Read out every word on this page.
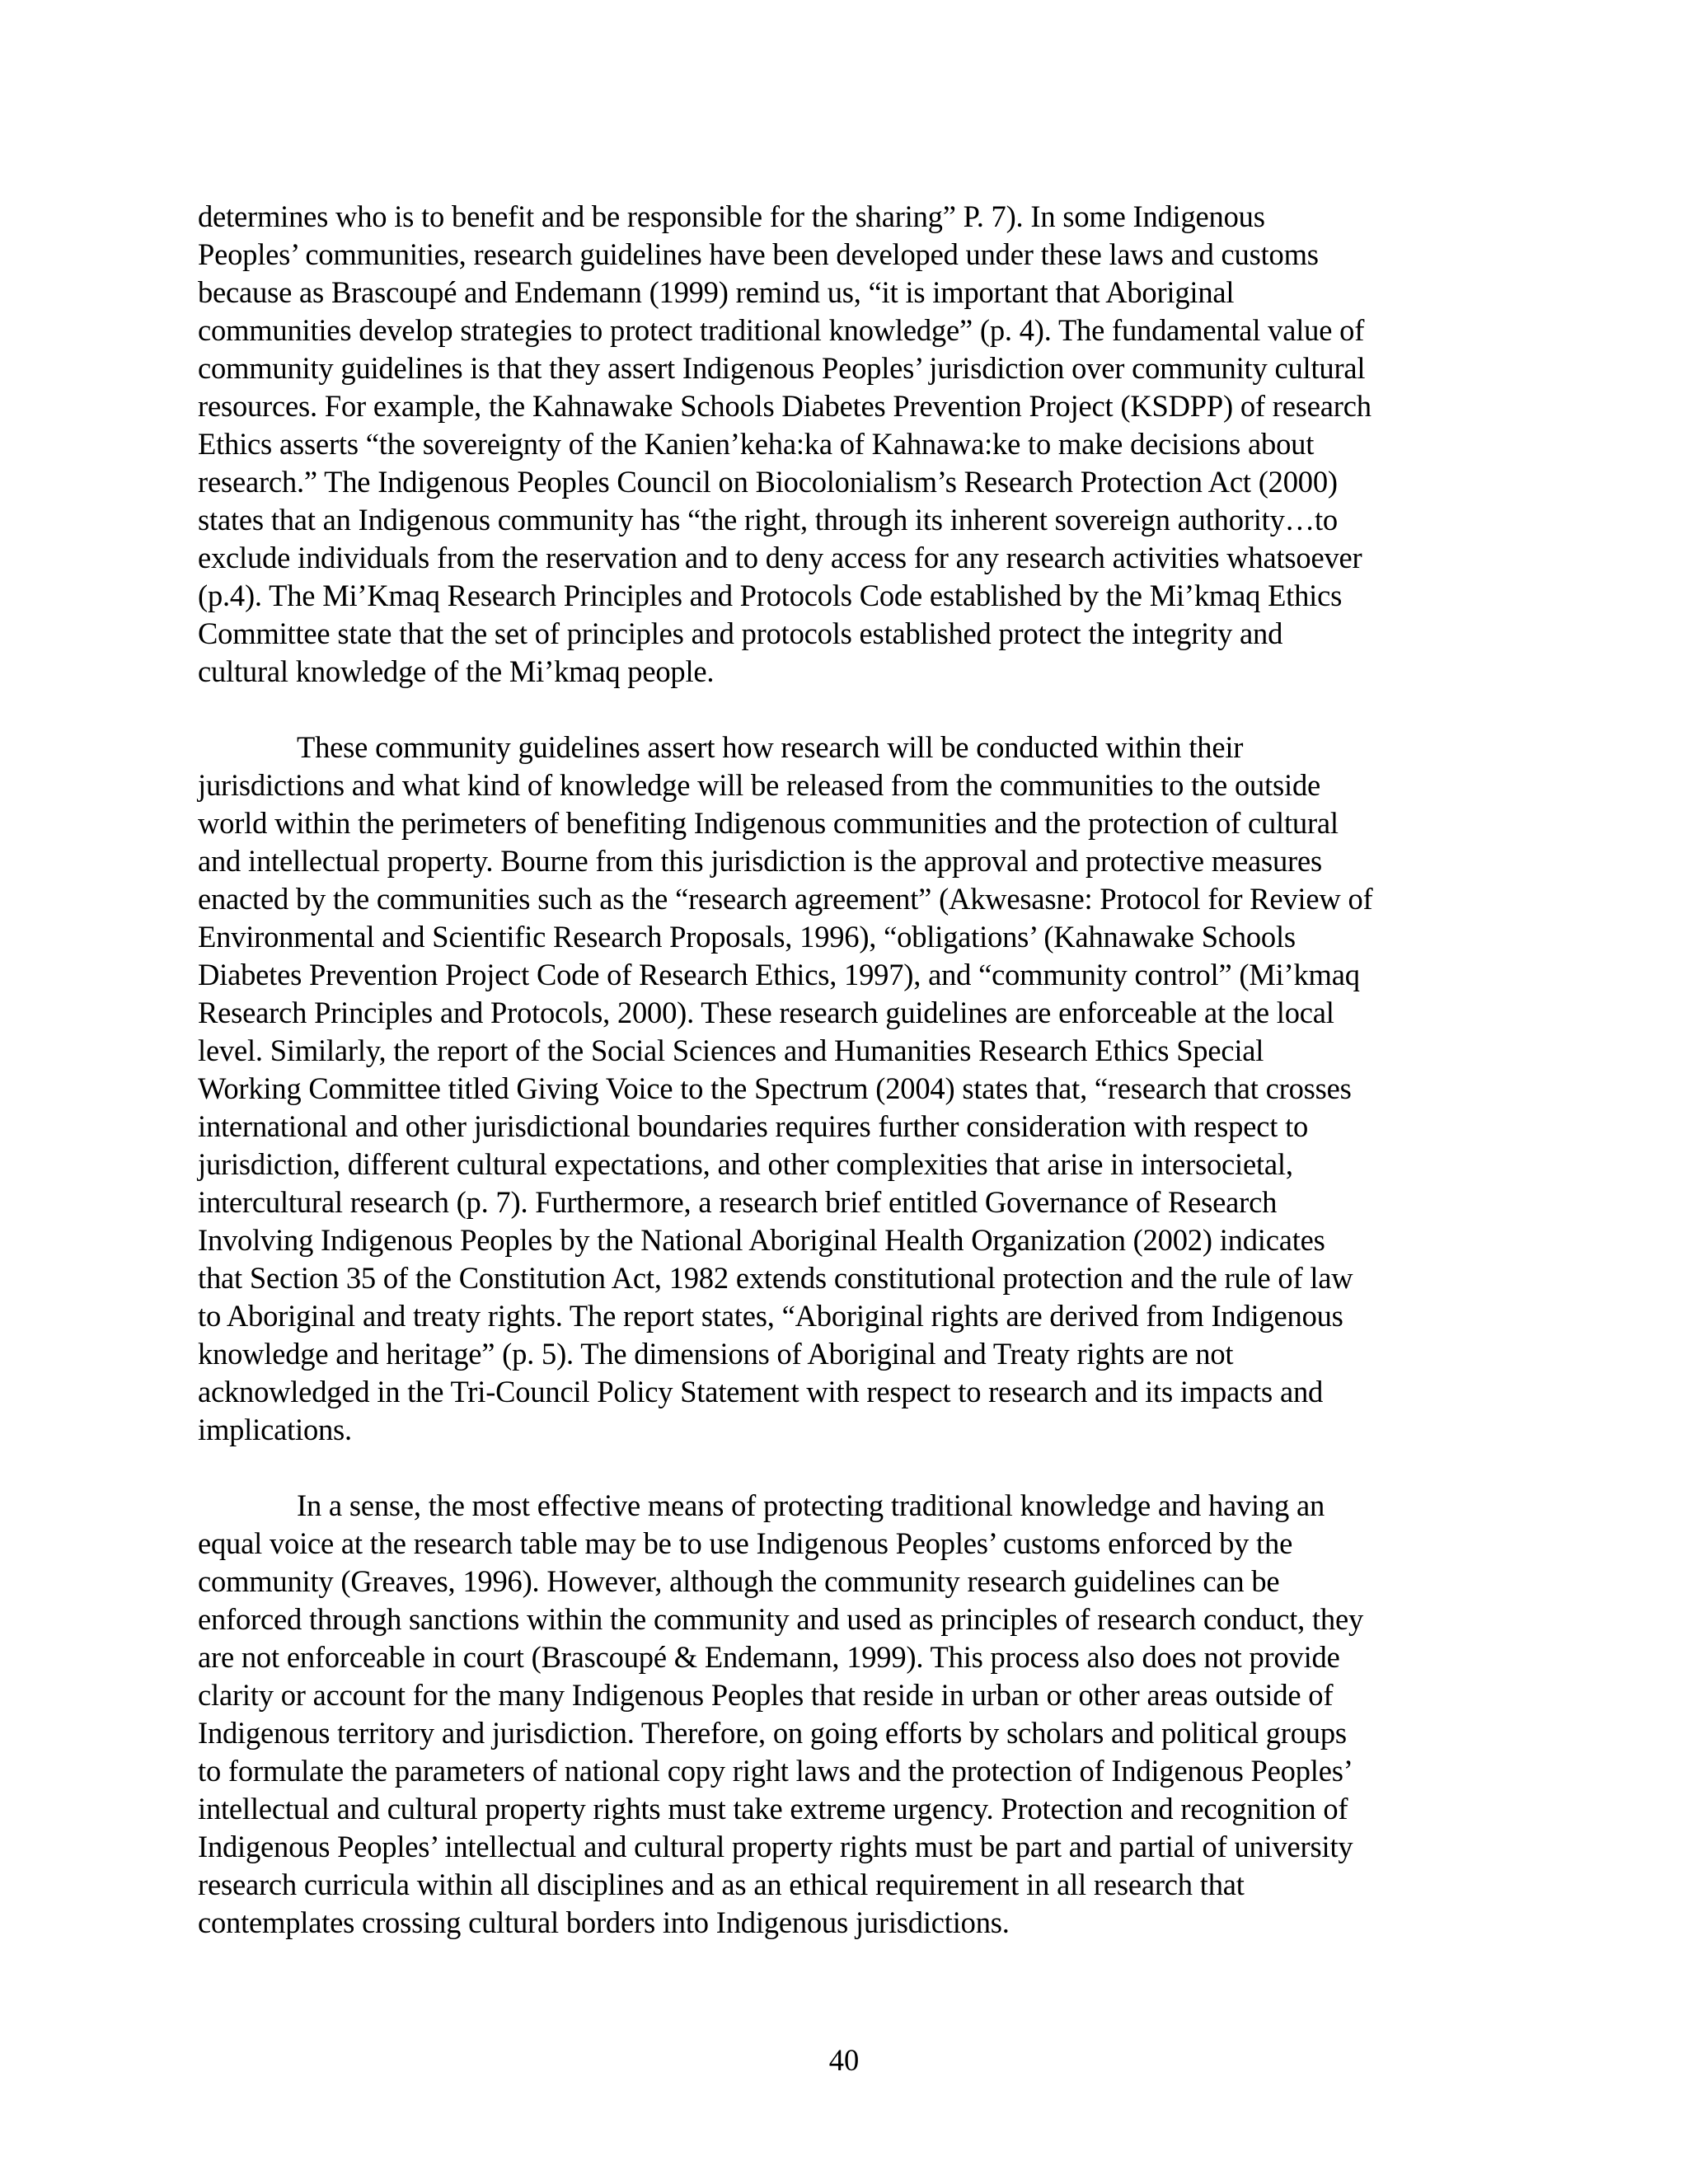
determines who is to benefit and be responsible for the sharing” P. 7). In some Indigenous
Peoples’ communities, research guidelines have been developed under these laws and customs
because as Brascoupé and Endemann (1999) remind us, “it is important that Aboriginal
communities develop strategies to protect traditional knowledge” (p. 4). The fundamental value of
community guidelines is that they assert Indigenous Peoples’ jurisdiction over community cultural
resources. For example, the Kahnawake Schools Diabetes Prevention Project (KSDPP) of research
Ethics asserts “the sovereignty of the Kanien’keha:ka of Kahnawa:ke to make decisions about
research.” The Indigenous Peoples Council on Biocolonialism’s Research Protection Act (2000)
states that an Indigenous community has “the right, through its inherent sovereign authority…to
exclude individuals from the reservation and to deny access for any research activities whatsoever
(p.4). The Mi’Kmaq Research Principles and Protocols Code established by the Mi’kmaq Ethics
Committee state that the set of principles and protocols established protect the integrity and
cultural knowledge of the Mi’kmaq people.
These community guidelines assert how research will be conducted within their
jurisdictions and what kind of knowledge will be released from the communities to the outside
world within the perimeters of benefiting Indigenous communities and the protection of cultural
and intellectual property. Bourne from this jurisdiction is the approval and protective measures
enacted by the communities such as the “research agreement” (Akwesasne: Protocol for Review of
Environmental and Scientific Research Proposals, 1996), “obligations’ (Kahnawake Schools
Diabetes Prevention Project Code of Research Ethics, 1997), and “community control” (Mi’kmaq
Research Principles and Protocols, 2000). These research guidelines are enforceable at the local
level. Similarly, the report of the Social Sciences and Humanities Research Ethics Special
Working Committee titled Giving Voice to the Spectrum (2004) states that, “research that crosses
international and other jurisdictional boundaries requires further consideration with respect to
jurisdiction, different cultural expectations, and other complexities that arise in intersocietal,
intercultural research (p. 7). Furthermore, a research brief entitled Governance of Research
Involving Indigenous Peoples by the National Aboriginal Health Organization (2002) indicates
that Section 35 of the Constitution Act, 1982 extends constitutional protection and the rule of law
to Aboriginal and treaty rights. The report states, “Aboriginal rights are derived from Indigenous
knowledge and heritage” (p. 5). The dimensions of Aboriginal and Treaty rights are not
acknowledged in the Tri-Council Policy Statement with respect to research and its impacts and
implications.
In a sense, the most effective means of protecting traditional knowledge and having an
equal voice at the research table may be to use Indigenous Peoples’ customs enforced by the
community (Greaves, 1996). However, although the community research guidelines can be
enforced through sanctions within the community and used as principles of research conduct, they
are not enforceable in court (Brascoupé & Endemann, 1999). This process also does not provide
clarity or account for the many Indigenous Peoples that reside in urban or other areas outside of
Indigenous territory and jurisdiction. Therefore, on going efforts by scholars and political groups
to formulate the parameters of national copy right laws and the protection of Indigenous Peoples’
intellectual and cultural property rights must take extreme urgency. Protection and recognition of
Indigenous Peoples’ intellectual and cultural property rights must be part and partial of university
research curricula within all disciplines and as an ethical requirement in all research that
contemplates crossing cultural borders into Indigenous jurisdictions.
40
